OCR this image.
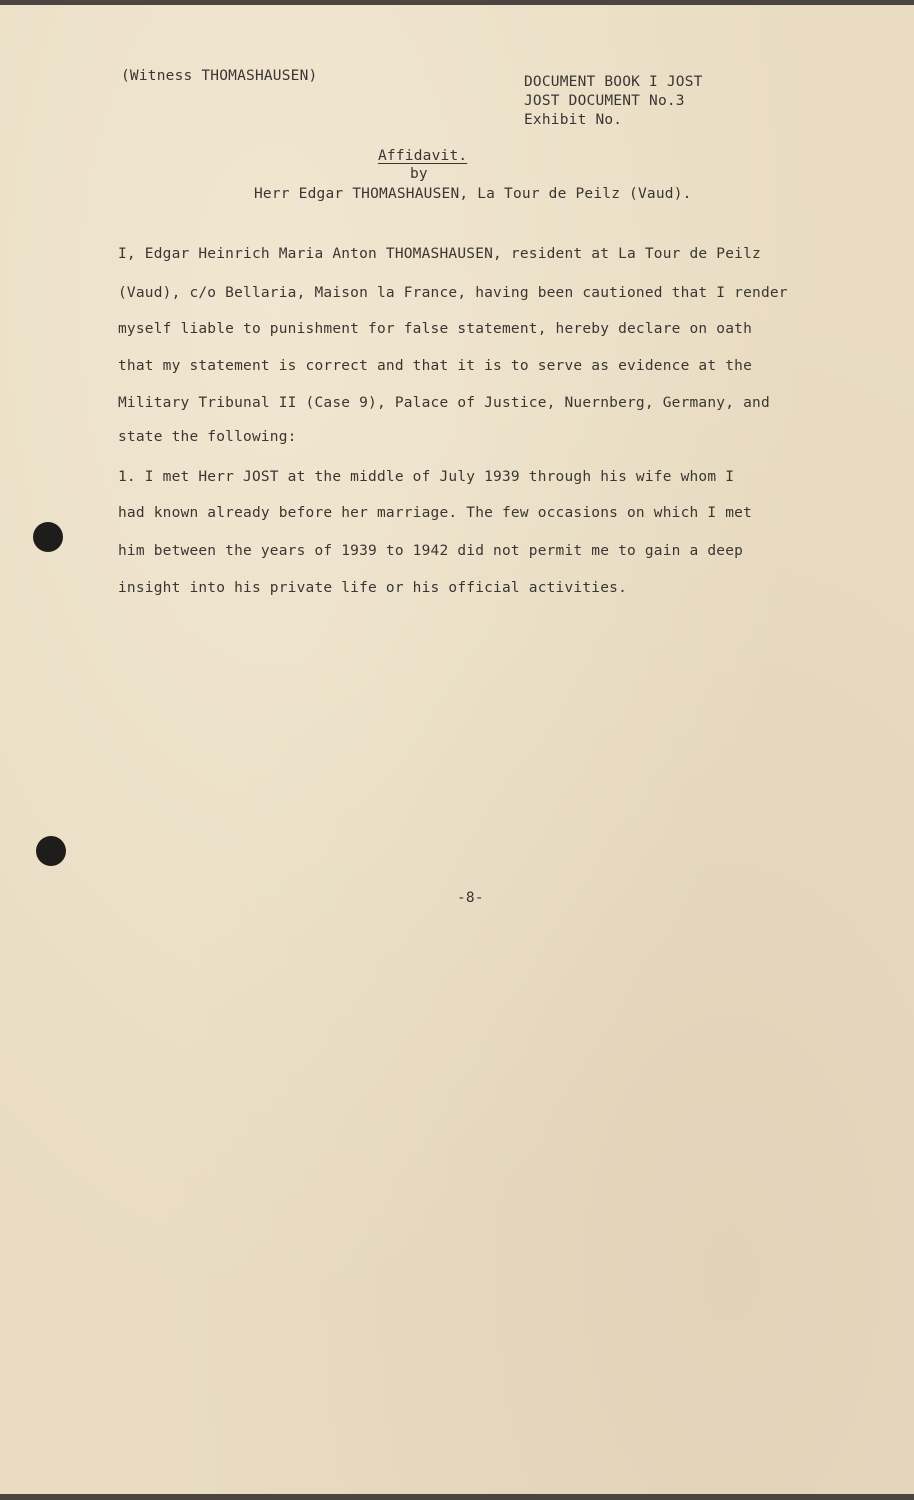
(Witness THOMASHAUSEN)	DOCUMENT BOOK I JOST
JOST DOCUMENT No.3
Exhibit No.
Affidavit.
by
Herr Edgar THOMASHAUSEN, La Tour de Peilz (Vaud).
I, Edgar Heinrich Maria Anton THOMASHAUSEN, resident at La Tour de Peilz
(Vaud), c/o Bellaria, Maison la France, having been cautioned that I render
myself liable to punishment for false statement, hereby declare on oath
that my statement is correct and that it is to serve as evidence at the
Military Tribunal II (Case 9), Palace of Justice, Nuernberg, Germany, and
state the following:
1. I met Herr JOST at the middle of July 1939 through his wife whom I
had known already before her marriage. The few occasions on which I met
him between the years of 1939 to 1942 did not permit me to gain a deep
insight into his private life or his official activities.
-8-
